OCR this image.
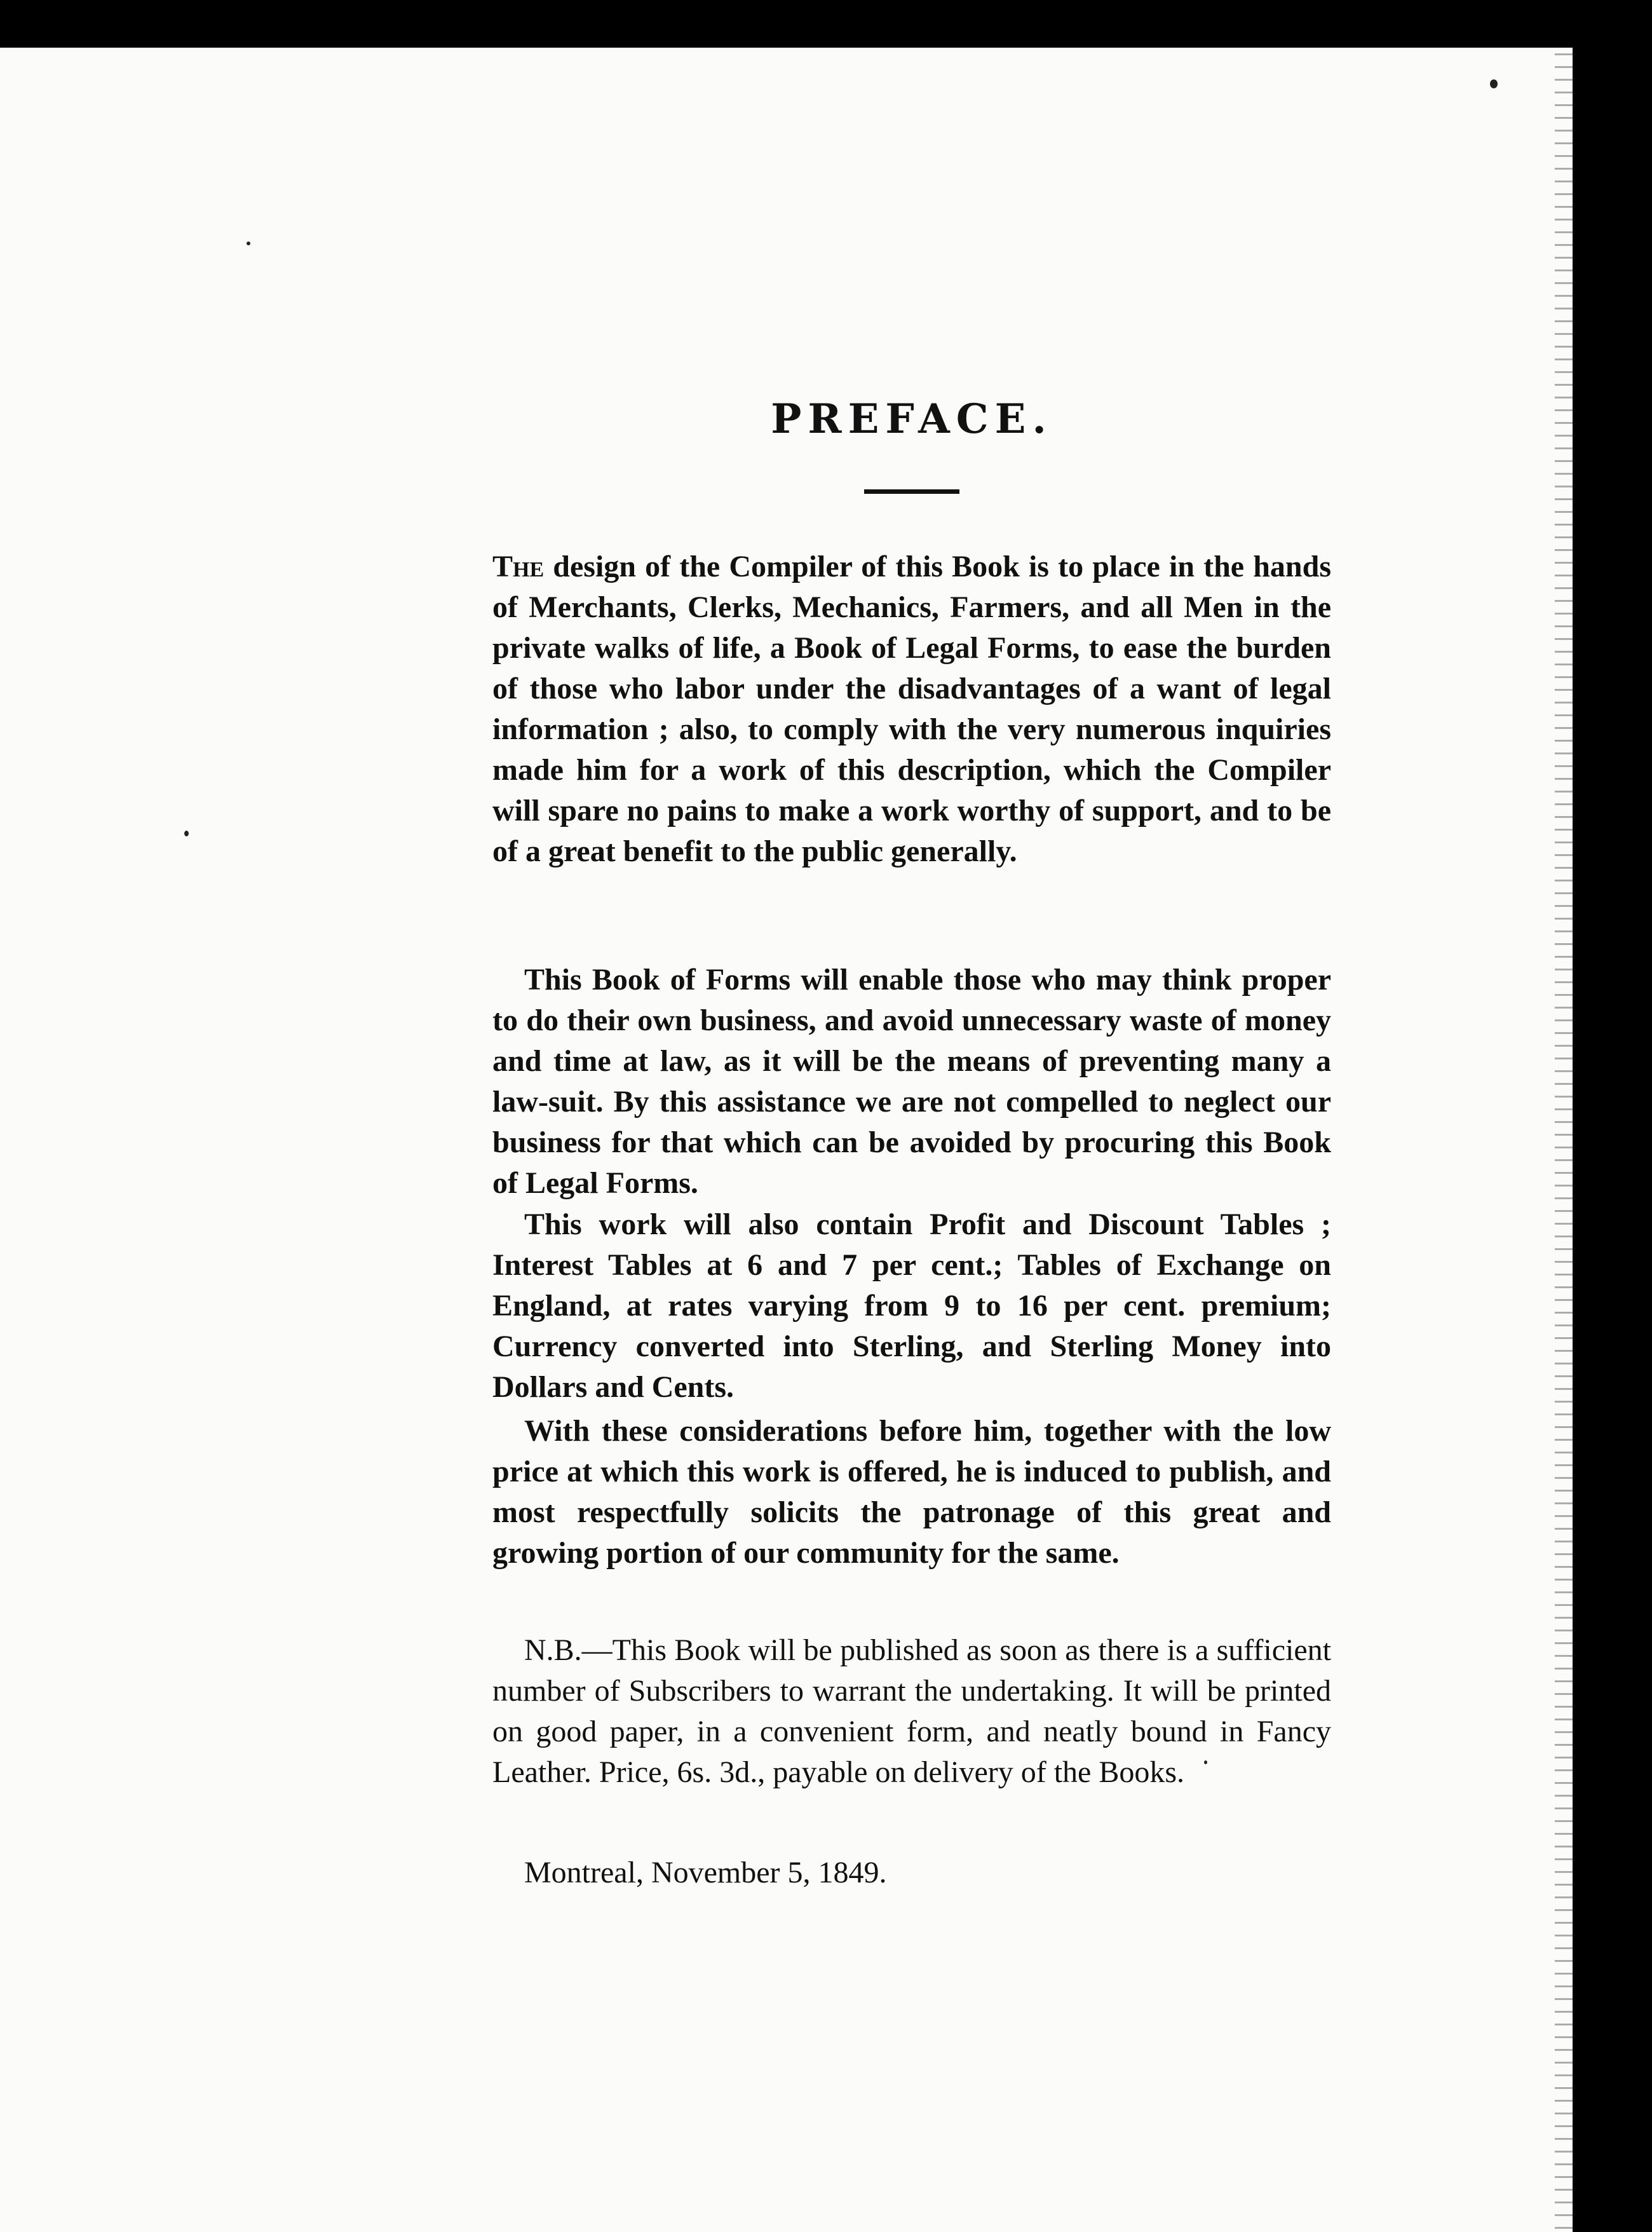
PREFACE.

The design of the Compiler of this Book is to place in the hands of Merchants, Clerks, Mechanics, Farmers, and all Men in the private walks of life, a Book of Legal Forms, to ease the burden of those who labor under the disadvantages of a want of legal information ; also, to comply with the very numerous inquiries made him for a work of this description, which the Compiler will spare no pains to make a work worthy of support, and to be of a great benefit to the public generally.

This Book of Forms will enable those who may think proper to do their own business, and avoid unnecessary waste of money and time at law, as it will be the means of preventing many a law-suit. By this assistance we are not compelled to neglect our business for that which can be avoided by procuring this Book of Legal Forms.

This work will also contain Profit and Discount Tables ; Interest Tables at 6 and 7 per cent.; Tables of Exchange on England, at rates varying from 9 to 16 per cent. premium; Currency converted into Sterling, and Sterling Money into Dollars and Cents.

With these considerations before him, together with the low price at which this work is offered, he is induced to publish, and most respectfully solicits the patronage of this great and growing portion of our community for the same.

N.B.—This Book will be published as soon as there is a sufficient number of Subscribers to warrant the undertaking. It will be printed on good paper, in a convenient form, and neatly bound in Fancy Leather. Price, 6s. 3d., payable on delivery of the Books.

Montreal, November 5, 1849.
